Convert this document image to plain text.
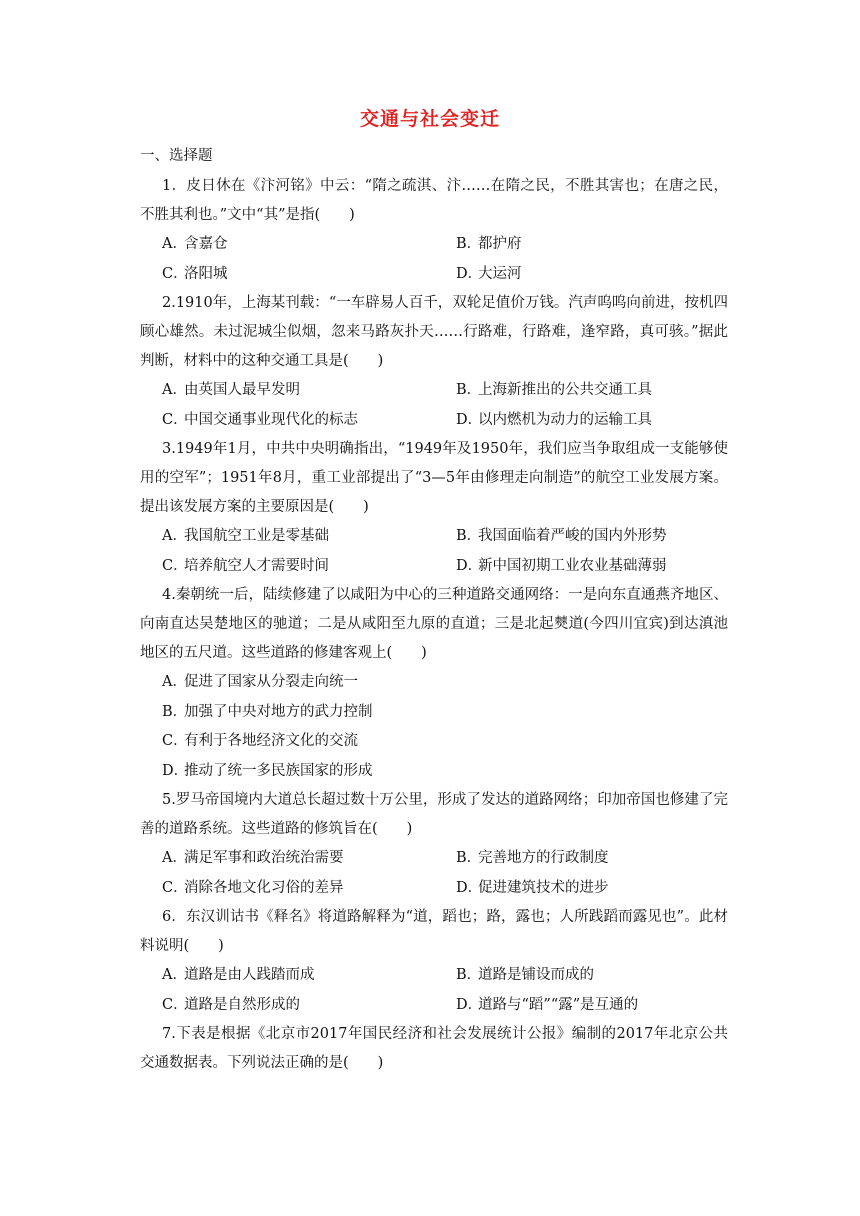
交通与社会变迁
一、选择题

1．皮日休在《汴河铭》中云：“隋之疏淇、汴……在隋之民，不胜其害也；在唐之民，不胜其利也。”文中“其”是指(　　)

A．含嘉仓	B．都护府
C．洛阳城	D．大运河

2.1910年，上海某刊载：“一车辟易人百千，双轮足值价万钱。汽声呜呜向前进，按机四顾心雄然。未过泥城尘似烟，忽来马路灰扑天……行路难，行路难，逢窄路，真可骇。”据此判断，材料中的这种交通工具是(　　)

A．由英国人最早发明	B．上海新推出的公共交通工具
C．中国交通事业现代化的标志	D．以内燃机为动力的运输工具

3.1949年1月，中共中央明确指出，“1949年及1950年，我们应当争取组成一支能够使用的空军”；1951年8月，重工业部提出了“3—5年由修理走向制造”的航空工业发展方案。提出该发展方案的主要原因是(　　)

A．我国航空工业是零基础	B．我国面临着严峻的国内外形势
C．培养航空人才需要时间	D．新中国初期工业农业基础薄弱

4.秦朝统一后，陆续修建了以咸阳为中心的三种道路交通网络：一是向东直通燕齐地区、向南直达吴楚地区的驰道；二是从咸阳至九原的直道；三是北起僰道(今四川宜宾)到达滇池地区的五尺道。这些道路的修建客观上(　　)

A．促进了国家从分裂走向统一
B．加强了中央对地方的武力控制
C．有利于各地经济文化的交流
D．推动了统一多民族国家的形成

5.罗马帝国境内大道总长超过数十万公里，形成了发达的道路网络；印加帝国也修建了完善的道路系统。这些道路的修筑旨在(　　)

A．满足军事和政治统治需要	B．完善地方的行政制度
C．消除各地文化习俗的差异	D．促进建筑技术的进步

6．东汉训诂书《释名》将道路解释为“道，蹈也；路，露也；人所践蹈而露见也”。此材料说明(　　)

A．道路是由人践踏而成	B．道路是铺设而成的
C．道路是自然形成的	D．道路与“蹈”“露”是互通的

7.下表是根据《北京市2017年国民经济和社会发展统计公报》编制的2017年北京公共交通数据表。下列说法正确的是(　　)
